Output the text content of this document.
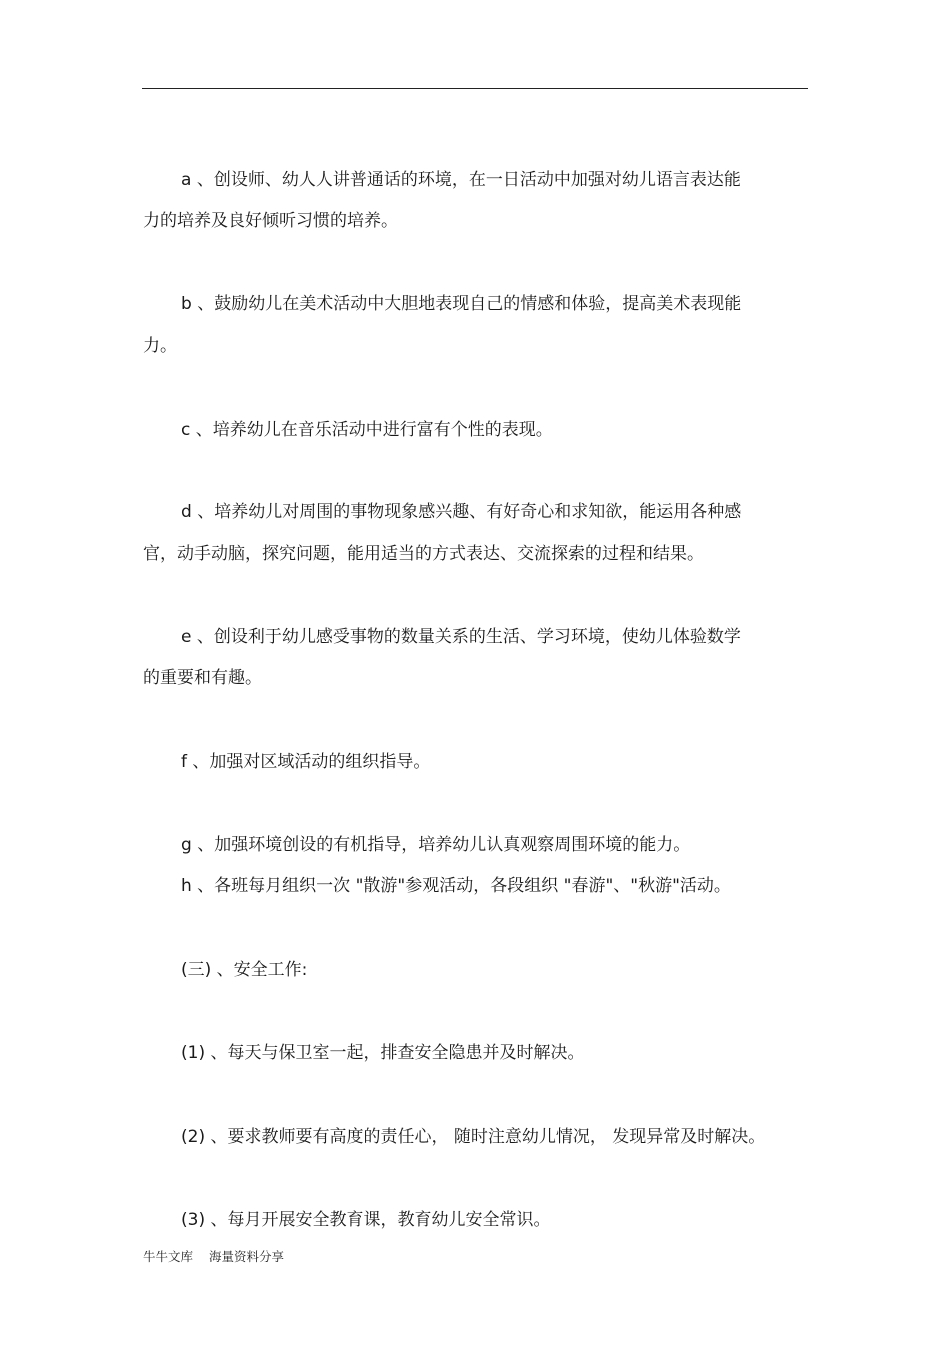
a 、创设师、幼人人讲普通话的环境，在一日活动中加强对幼儿语言表达能
力的培养及良好倾听习惯的培养。
b 、鼓励幼儿在美术活动中大胆地表现自己的情感和体验，提高美术表现能
力。
c 、培养幼儿在音乐活动中进行富有个性的表现。
d 、培养幼儿对周围的事物现象感兴趣、有好奇心和求知欲，能运用各种感
官，动手动脑，探究问题，能用适当的方式表达、交流探索的过程和结果。
e 、创设利于幼儿感受事物的数量关系的生活、学习环境，使幼儿体验数学
的重要和有趣。
f 、加强对区域活动的组织指导。
g 、加强环境创设的有机指导，培养幼儿认真观察周围环境的能力。
h 、各班每月组织一次 "散游"参观活动，各段组织 "春游"、"秋游"活动。
(三) 、安全工作:
(1) 、每天与保卫室一起，排查安全隐患并及时解决。
(2) 、要求教师要有高度的责任心， 随时注意幼儿情况， 发现异常及时解决。
(3) 、每月开展安全教育课，教育幼儿安全常识。
牛牛文库 海量资料分享
